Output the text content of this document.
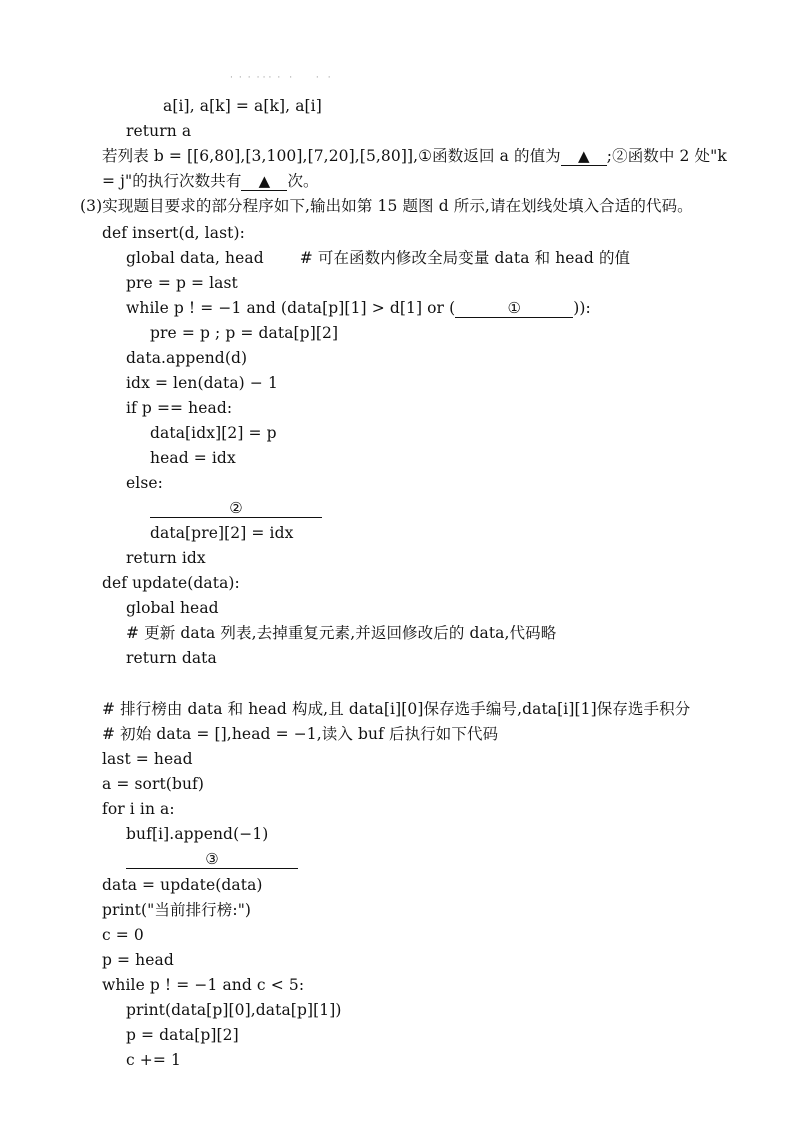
·  ·  ·  · · ·  ·   ·        ·   ·
a[i], a[k] = a[k], a[i]
return a
若列表 b = [[6,80],[3,100],[7,20],[5,80]],①函数返回 a 的值为 ▲ ;②函数中 2 处"k
= j"的执行次数共有 ▲ 次。
(3)实现题目要求的部分程序如下,输出如第 15 题图 d 所示,请在划线处填入合适的代码。
def insert(d, last):
global data, head # 可在函数内修改全局变量 data 和 head 的值
pre = p = last
while p ! = −1 and (data[p][1] > d[1] or (	①	)):
pre = p ; p = data[p][2]
data.append(d)
idx = len(data) − 1
if p == head:
data[idx][2] = p
head = idx
else:
②
data[pre][2] = idx
return idx
def update(data):
global head
# 更新 data 列表,去掉重复元素,并返回修改后的 data,代码略
return data
# 排行榜由 data 和 head 构成,且 data[i][0]保存选手编号,data[i][1]保存选手积分
# 初始 data = [],head = −1,读入 buf 后执行如下代码
last = head
a = sort(buf)
for i in a:
buf[i].append(−1)
③
data = update(data)
print("当前排行榜:")
c = 0
p = head
while p ! = −1 and c < 5:
print(data[p][0],data[p][1])
p = data[p][2]
c += 1
